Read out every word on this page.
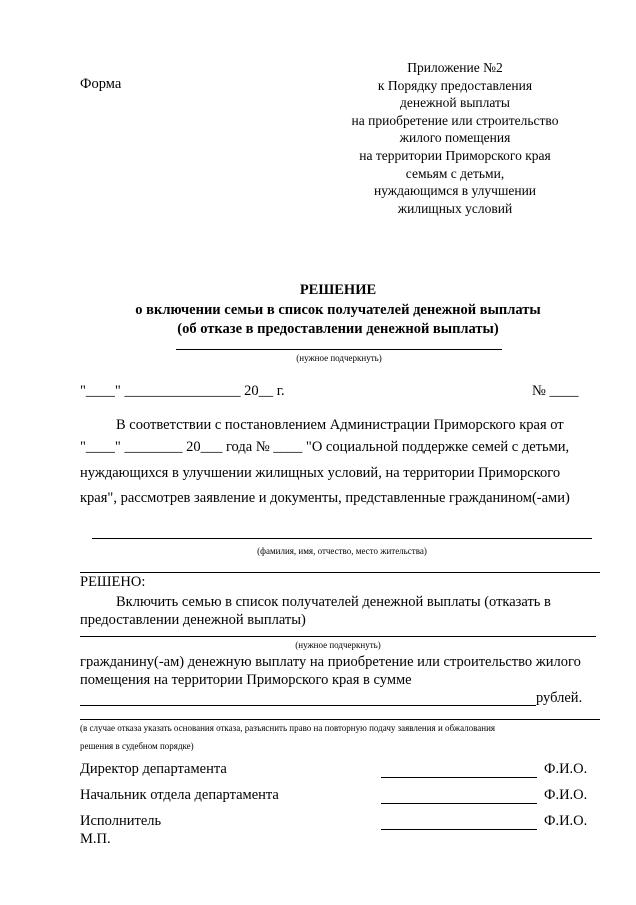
Форма
Приложение №2
к Порядку предоставления
денежной выплаты
на приобретение или строительство
жилого помещения
на территории Приморского края
семьям с детьми,
нуждающимся в улучшении
жилищных условий
РЕШЕНИЕ
о включении семьи в список получателей денежной выплаты
(об отказе в предоставлении денежной выплаты)
(нужное подчеркнуть)
"____" ________________ 20__ г.	№ ____
В соответствии с постановлением Администрации Приморского края от
"____" ________ 20___ года № ____ "О социальной поддержке семей с детьми,
нуждающихся в улучшении жилищных условий, на территории Приморского
края", рассмотрев заявление и документы, представленные гражданином(-ами)
(фамилия, имя, отчество, место жительства)
РЕШЕНО:
Включить семью в список получателей денежной выплаты (отказать в
предоставлении денежной выплаты)
(нужное подчеркнуть)
гражданину(-ам) денежную выплату на приобретение или строительство жилого
помещения на территории Приморского края в сумме
рублей.
(в случае отказа указать основания отказа, разъяснить право на повторную подачу заявления и обжалования
решения в судебном порядке)
Директор департамента	Ф.И.О.
Начальник отдела департамента	Ф.И.О.
Исполнитель	Ф.И.О.
М.П.
